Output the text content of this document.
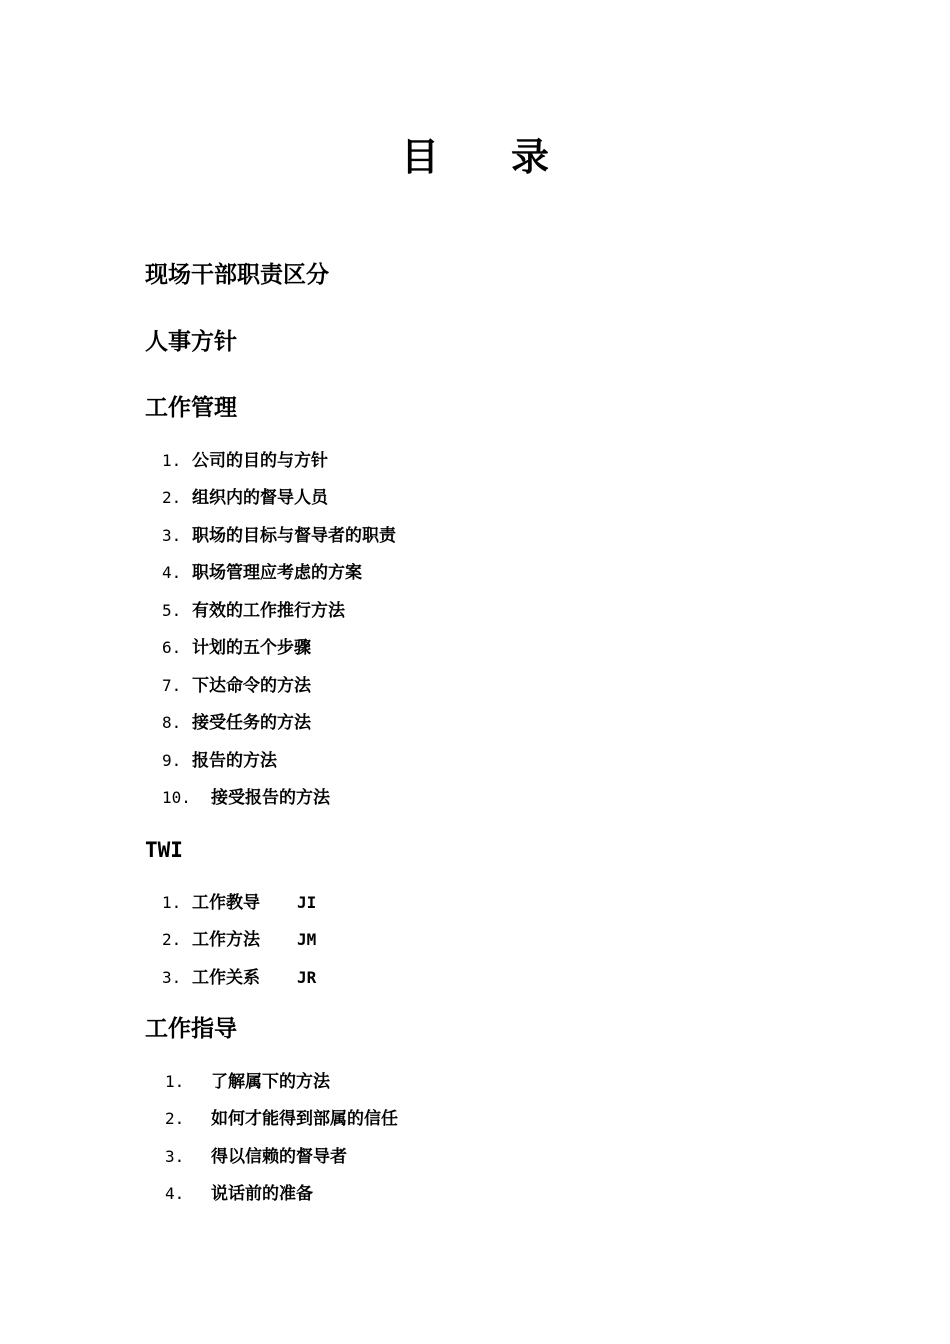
目 录
现场干部职责区分
人事方针
工作管理
1. 公司的目的与方针
2. 组织内的督导人员
3. 职场的目标与督导者的职责
4. 职场管理应考虑的方案
5. 有效的工作推行方法
6. 计划的五个步骤
7. 下达命令的方法
8. 接受任务的方法
9. 报告的方法
10. 接受报告的方法
TWI
1. 工作教导 JI
2. 工作方法 JM
3. 工作关系 JR
工作指导
1. 了解属下的方法
2. 如何才能得到部属的信任
3. 得以信赖的督导者
4. 说话前的准备
